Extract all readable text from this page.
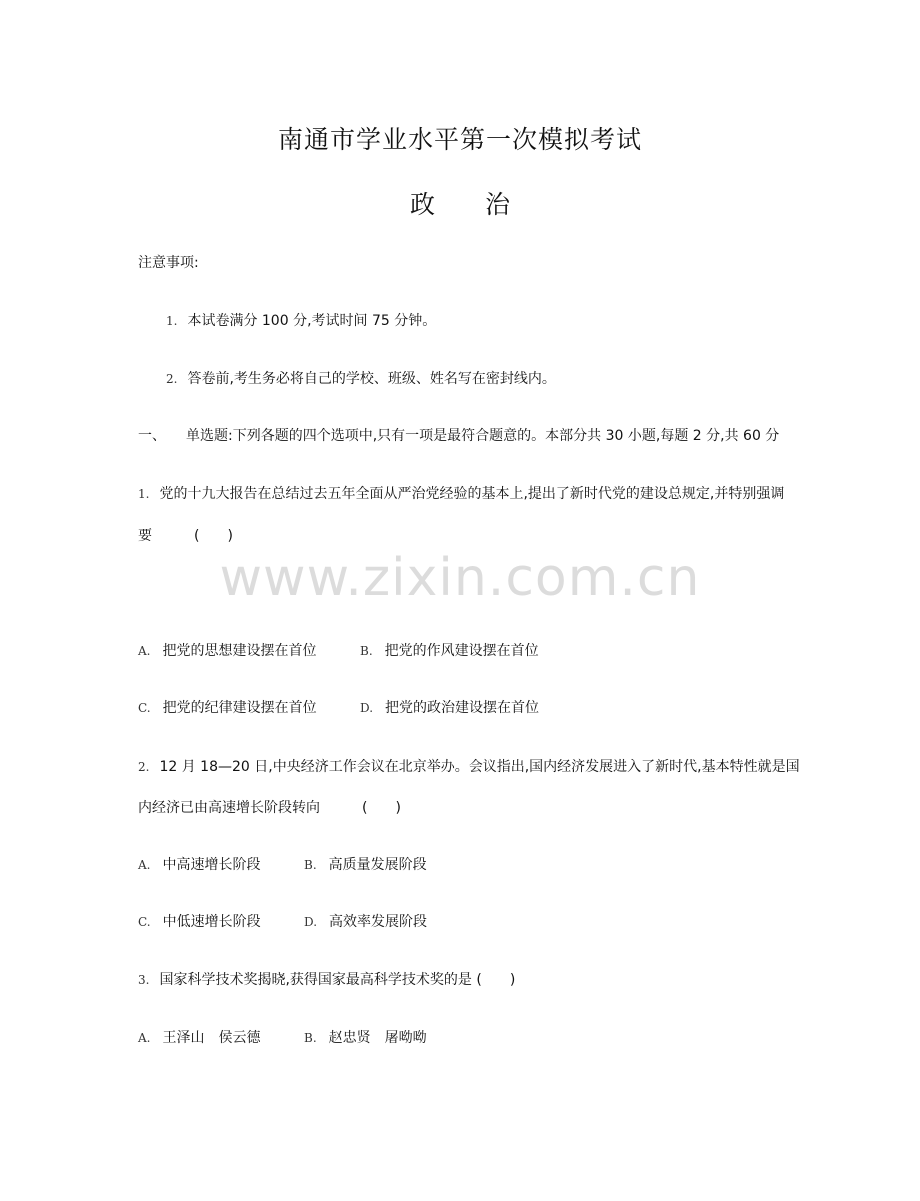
南通市学业水平第一次模拟考试
政治
注意事项:
1. 本试卷满分 100 分,考试时间 75 分钟。
2. 答卷前,考生务必将自己的学校、班级、姓名写在密封线内。
一、 单选题:下列各题的四个选项中,只有一项是最符合题意的。本部分共 30 小题,每题 2 分,共 60 分
1. 党的十九大报告在总结过去五年全面从严治党经验的基本上,提出了新时代党的建设总规定,并特别强调
要	(　　)
www.zixin.com.cn
A. 把党的思想建设摆在首位	B. 把党的作风建设摆在首位
C. 把党的纪律建设摆在首位	D. 把党的政治建设摆在首位
2. 12 月 18—20 日,中央经济工作会议在北京举办。会议指出,国内经济发展进入了新时代,基本特性就是国
内经济已由高速增长阶段转向	(　　)
A. 中高速增长阶段	B. 高质量发展阶段
C. 中低速增长阶段	D. 高效率发展阶段
3. 国家科学技术奖揭晓,获得国家最高科学技术奖的是 (　　)
A. 王泽山　侯云德	B. 赵忠贤　屠呦呦
